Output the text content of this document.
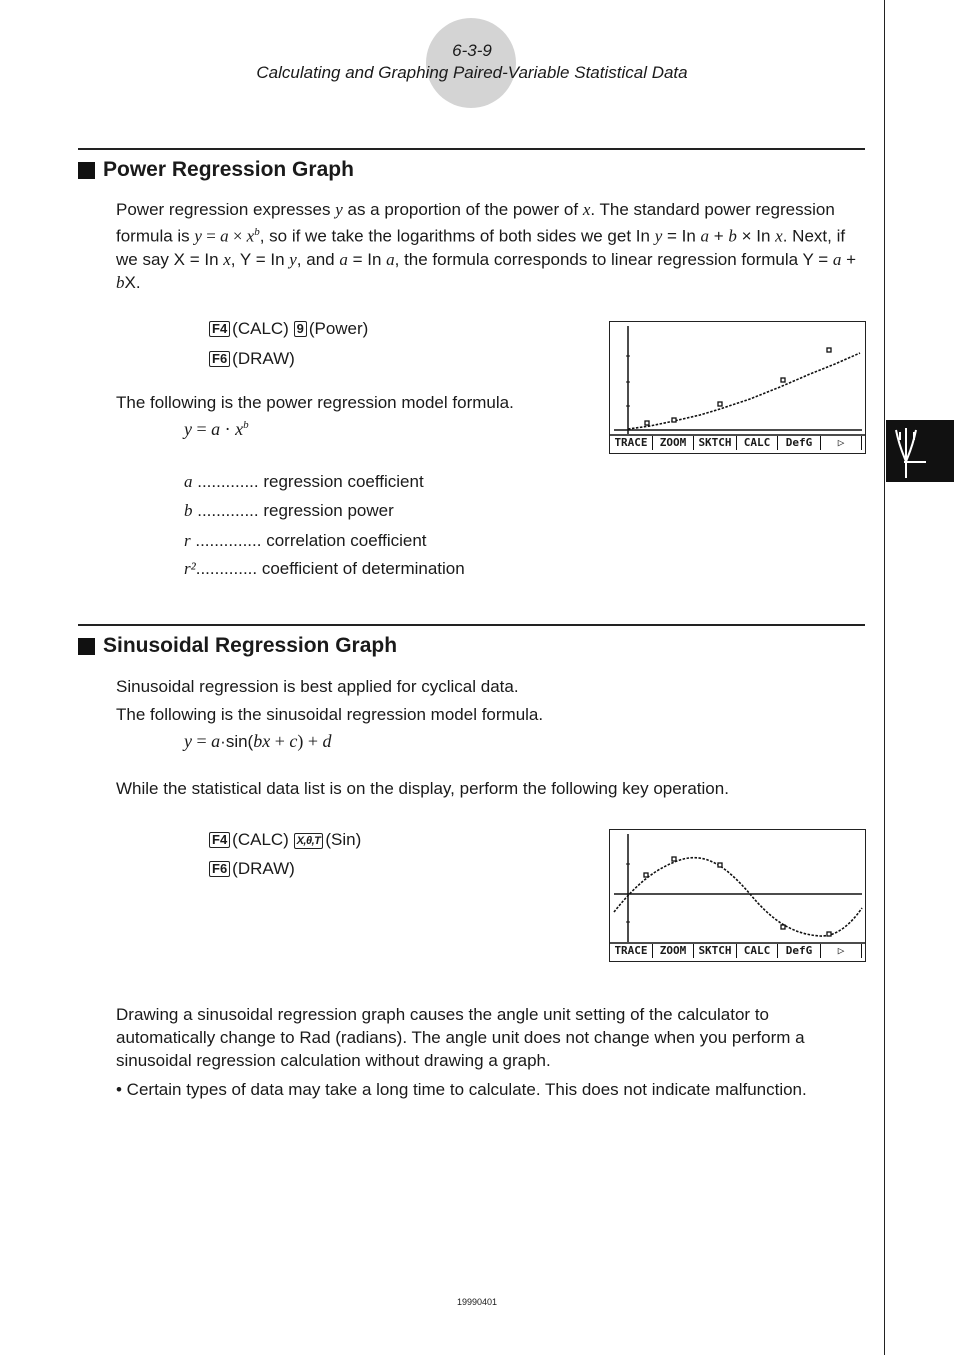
6-3-9
Calculating and Graphing Paired-Variable Statistical Data
Power Regression Graph
Power regression expresses y as a proportion of the power of x. The standard power regression formula is $y = a \times x^b$, so if we take the logarithms of both sides we get In y = In a + b × In x. Next, if we say X = In x, Y = In y, and a = In a, the formula corresponds to linear regression formula Y = a + bX.
F4 (CALC) 9 (Power)
F6 (DRAW)
TRACE	ZOOM	SKTCH	CALC	DefG	▷
The following is the power regression model formula.
$y = a \cdot x^b$
a ............. regression coefficient
b ............. regression power
r .............. correlation coefficient
r²............. coefficient of determination
Sinusoidal Regression Graph
Sinusoidal regression is best applied for cyclical data.
The following is the sinusoidal regression model formula.
y = a·sin(bx + c) + d
While the statistical data list is on the display, perform the following key operation.
F4 (CALC) X,θ,T (Sin)
F6 (DRAW)
TRACE	ZOOM	SKTCH	CALC	DefG	▷
Drawing a sinusoidal regression graph causes the angle unit setting of the calculator to automatically change to Rad (radians). The angle unit does not change when you perform a sinusoidal regression calculation without drawing a graph.
• Certain types of data may take a long time to calculate. This does not indicate malfunction.
19990401
